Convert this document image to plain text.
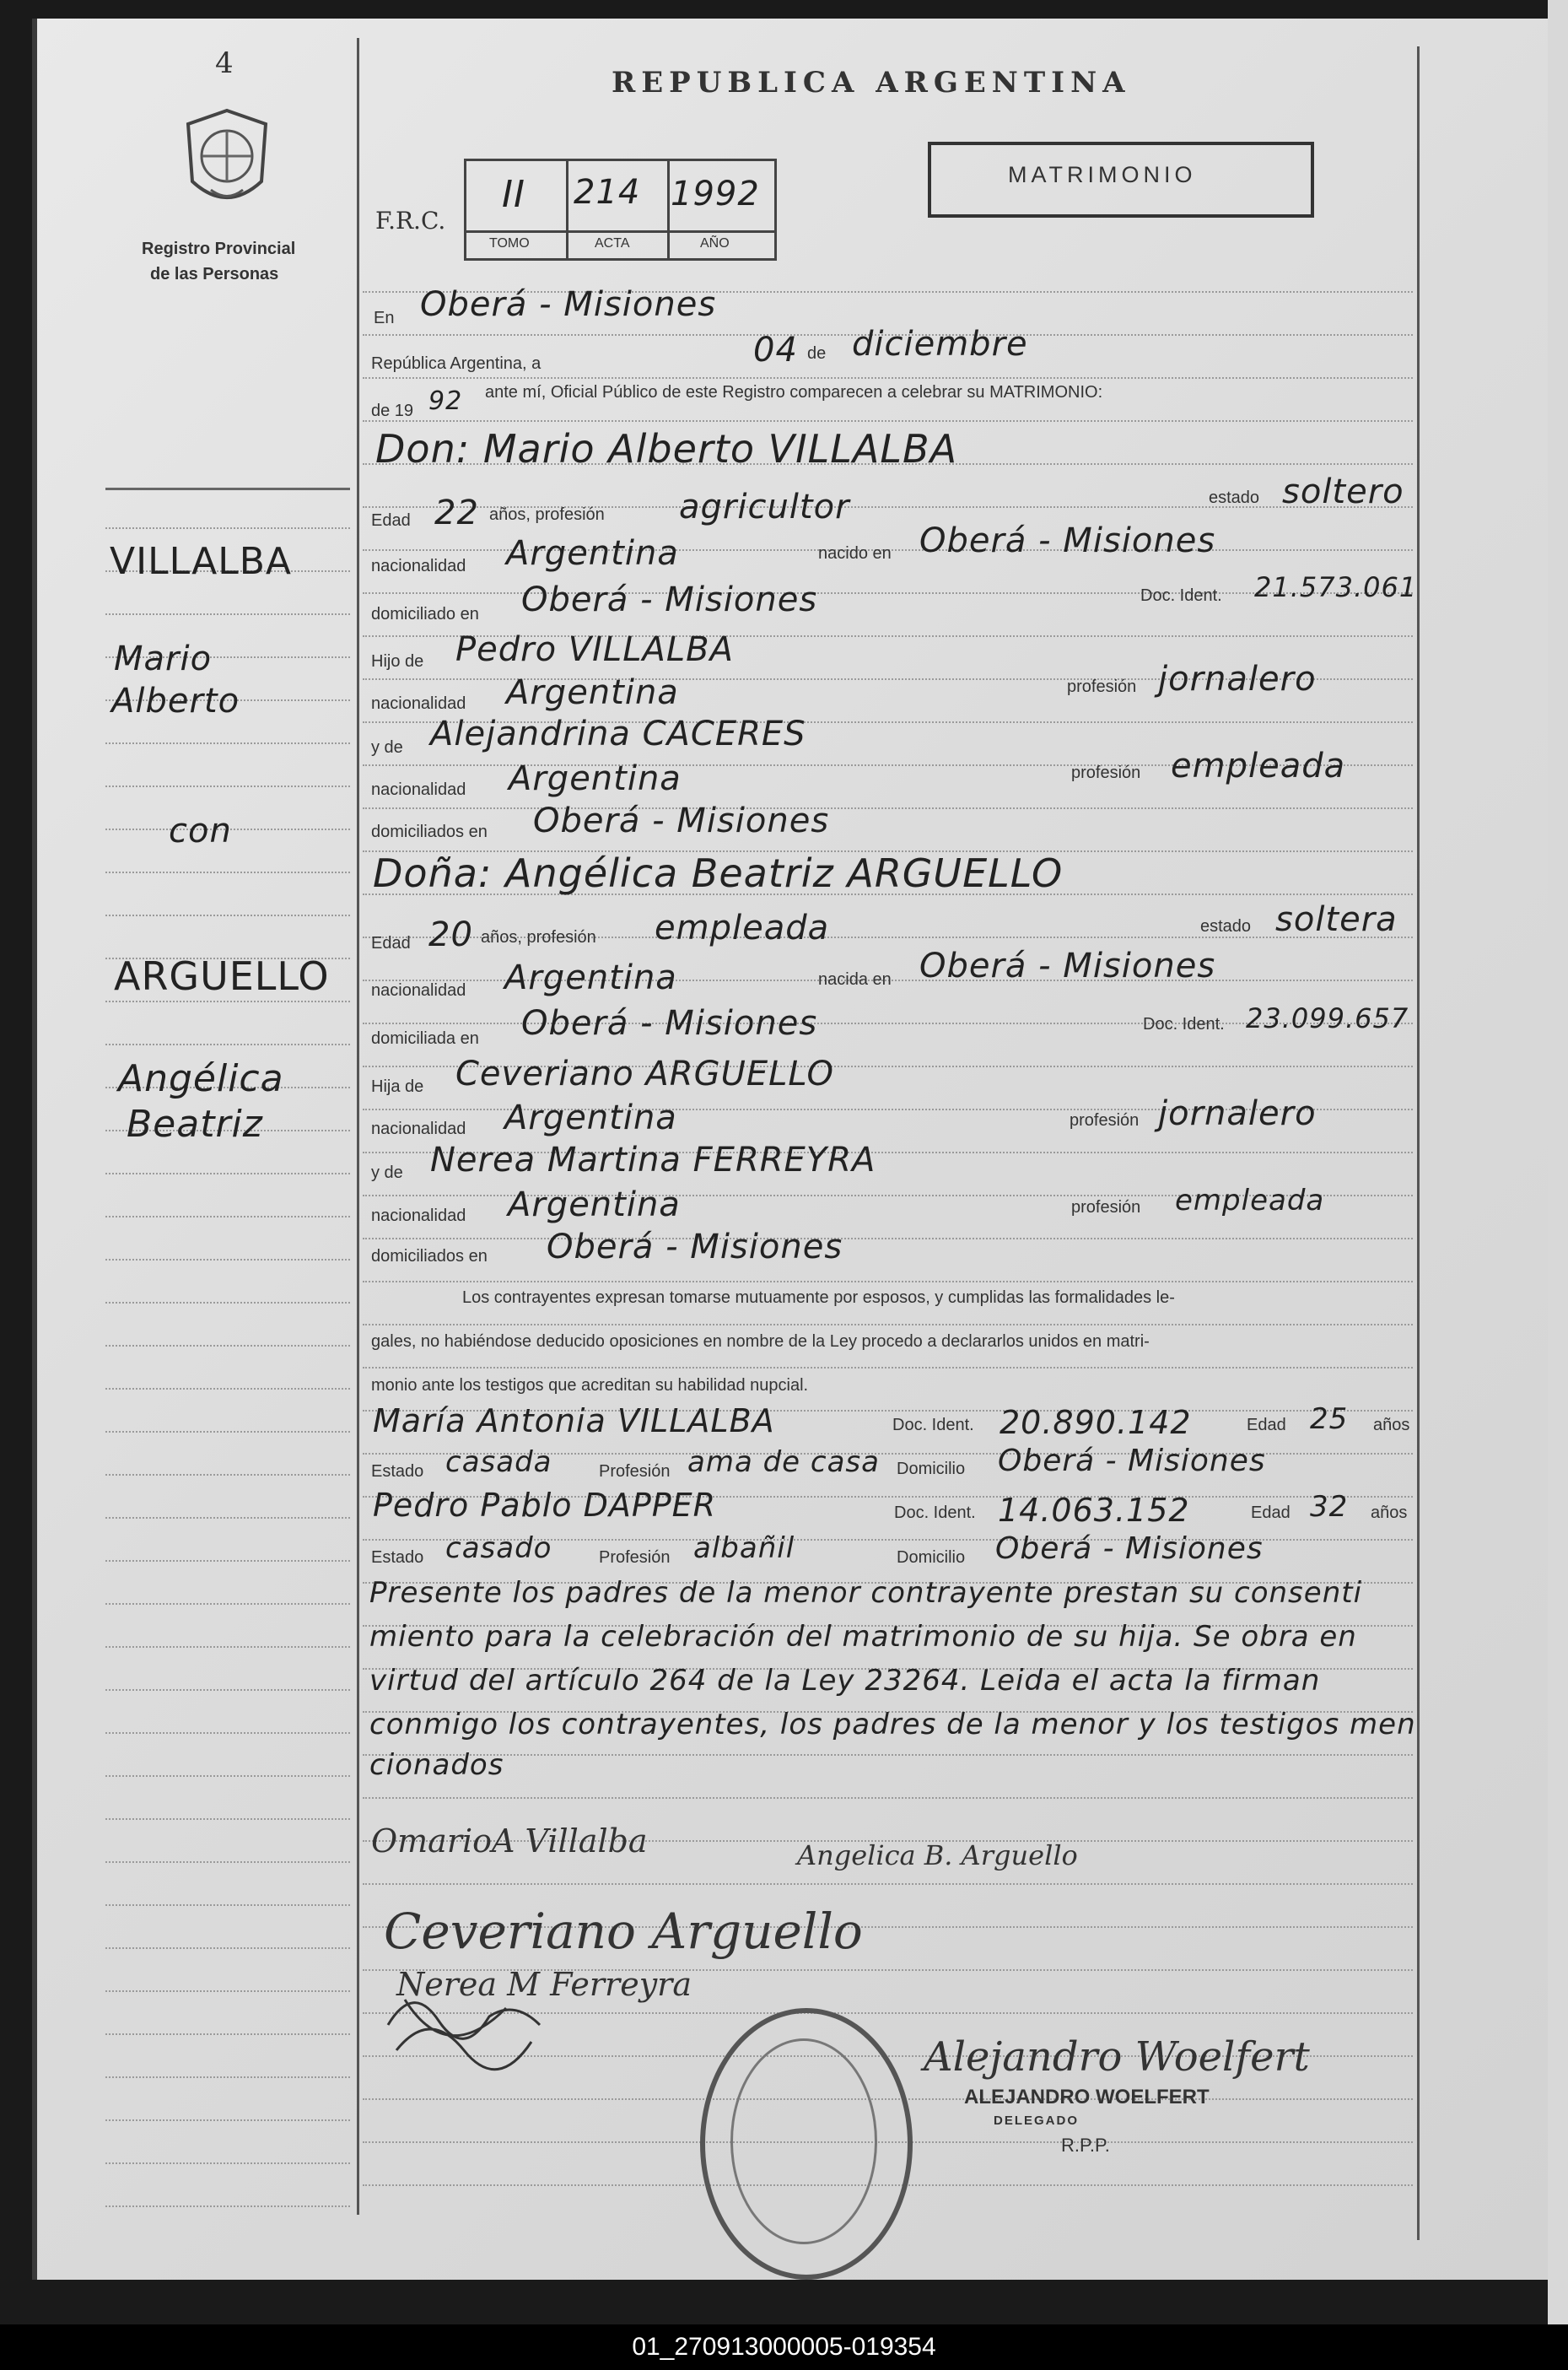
4
Registro Provincial
de las Personas
REPUBLICA ARGENTINA
F.R.C.
II
TOMO
214
ACTA
1992
AÑO
MATRIMONIO
VILLALBA
Mario
Alberto
con
ARGUELLO
Angélica
Beatriz
En Oberá - Misiones
República Argentina, a	04 de diciembre
de 19 92 ante mí, Oficial Público de este Registro comparecen a celebrar su MATRIMONIO:
Don: Mario Alberto VILLALBA
Edad 22 años, profesión agricultor	estado soltero
nacionalidad Argentina	nacido en Oberá - Misiones
domiciliado en Oberá - Misiones	Doc. Ident. 21.573.061
Hijo de Pedro VILLALBA
nacionalidad Argentina	profesión jornalero
y de Alejandrina CACERES
nacionalidad Argentina	profesión empleada
domiciliados en Oberá - Misiones
Doña: Angélica Beatriz ARGUELLO
Edad 20 años, profesión empleada	estado soltera
nacionalidad Argentina	nacida en Oberá - Misiones
domiciliada en Oberá - Misiones	Doc. Ident. 23.099.657
Hija de Ceveriano ARGUELLO
nacionalidad Argentina	profesión jornalero
y de Nerea Martina FERREYRA
nacionalidad Argentina	profesión empleada
domiciliados en Oberá - Misiones
Los contrayentes expresan tomarse mutuamente por esposos, y cumplidas las formalidades le-
gales, no habiéndose deducido oposiciones en nombre de la Ley procedo a declararlos unidos en matri-
monio ante los testigos que acreditan su habilidad nupcial.
María Antonia VILLALBA	Doc. Ident. 20.890.142	Edad 25 años
Estado casada	Profesión ama de casa Domicilio Oberá - Misiones
Pedro Pablo DAPPER	Doc. Ident. 14.063.152	Edad 32 años
Estado casado	Profesión albañil	Domicilio Oberá - Misiones
Presente los padres de la menor contrayente prestan su consenti
miento para la celebración del matrimonio de su hija. Se obra en
virtud del artículo 264 de la Ley 23264. Leida el acta la firman
conmigo los contrayentes, los padres de la menor y los testigos men
cionados
OmarioA Villalba	Angelica B. Arguello
Ceveriano Arguello
Nerea M Ferreyra
Alejandro Woelfert
ALEJANDRO WOELFERT
DELEGADO
R.P.P.
01_270913000005-019354
